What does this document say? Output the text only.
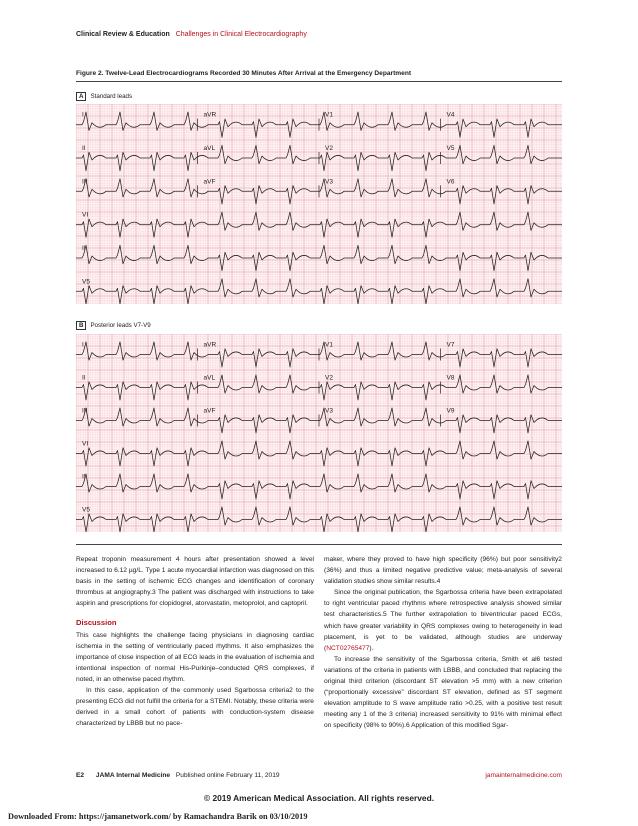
Clinical Review & Education Challenges in Clinical Electrocardiography
Figure 2. Twelve-Lead Electrocardiograms Recorded 30 Minutes After Arrival at the Emergency Department
A Standard leads
I	aVR	V1	V4
II	aVL	V2	V5
III	aVF	V3	V6
VI
II
V5
B Posterior leads V7-V9
I	aVR	V1	V7
II	aVL	V2	V8
III	aVF	V3	V9
VI
II
V5

Repeat troponin measurement 4 hours after presentation showed a level increased to 6.12 µg/L. Type 1 acute myocardial infarction was diagnosed on this basis in the setting of ischemic ECG changes and identification of coronary thrombus at angiography.3 The patient was discharged with instructions to take aspirin and prescriptions for clopidogrel, atorvastatin, metoprolol, and captopril.

Discussion

This case highlights the challenge facing physicians in diagnosing cardiac ischemia in the setting of ventricularly paced rhythms. It also emphasizes the importance of close inspection of all ECG leads in the evaluation of ischemia and intentional inspection of normal His-Purkinje–conducted QRS complexes, if noted, in an otherwise paced rhythm.

In this case, application of the commonly used Sgarbossa criteria2 to the presenting ECG did not fulfill the criteria for a STEMI. Notably, these criteria were derived in a small cohort of patients with conduction-system disease characterized by LBBB but no pace-

maker, where they proved to have high specificity (96%) but poor sensitivity2 (36%) and thus a limited negative predictive value; meta-analysis of several validation studies show similar results.4

Since the original publication, the Sgarbossa criteria have been extrapolated to right ventricular paced rhythms where retrospective analysis showed similar test characteristics.5 The further extrapolation to biventricular paced ECGs, which have greater variability in QRS complexes owing to heterogeneity in lead placement, is yet to be validated, although studies are underway (NCT02765477).

To increase the sensitivity of the Sgarbossa criteria, Smith et al6 tested variations of the criteria in patients with LBBB, and concluded that replacing the original third criterion (discordant ST elevation >5 mm) with a new criterion (“proportionally excessive” discordant ST elevation, defined as ST segment elevation amplitude to S wave amplitude ratio >0.25, with a positive test result meeting any 1 of the 3 criteria) increased sensitivity to 91% with minimal effect on specificity (98% to 90%).6 Application of this modified Sgar-

E2 JAMA Internal Medicine Published online February 11, 2019	jamainternalmedicine.com
© 2019 American Medical Association. All rights reserved.
Downloaded From: https://jamanetwork.com/ by Ramachandra Barik on 03/10/2019
